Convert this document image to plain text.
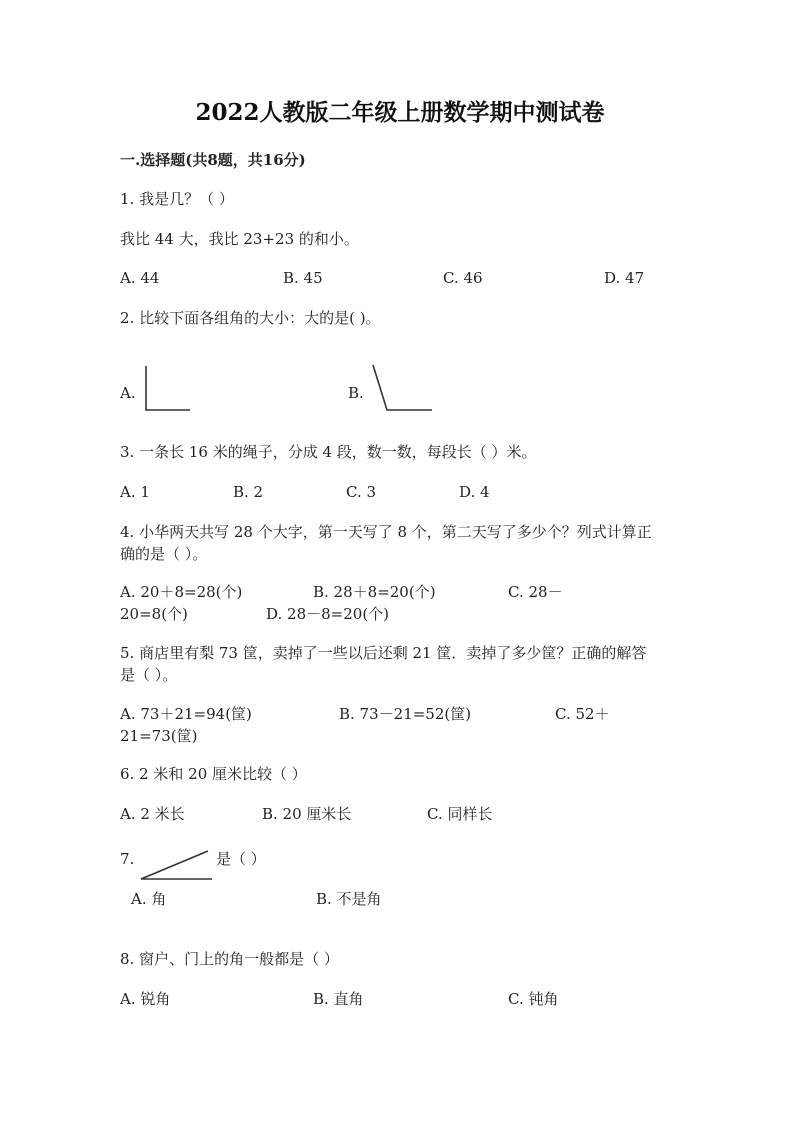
2022人教版二年级上册数学期中测试卷
一.选择题(共8题，共16分)
1. 我是几？（ ）
我比 44 大，我比 23+23 的和小。
A. 44	B. 45	C. 46	D. 47
2. 比较下面各组角的大小：大的是( )。
A.	B.
3. 一条长 16 米的绳子，分成 4 段，数一数，每段长（ ）米。
A. 1	B. 2	C. 3	D. 4
4. 小华两天共写 28 个大字，第一天写了 8 个，第二天写了多少个？列式计算正
确的是（ ）。
A. 20＋8=28(个)	B. 28＋8=20(个)	C. 28－
20=8(个)	D. 28－8=20(个)
5. 商店里有梨 73 筐，卖掉了一些以后还剩 21 筐．卖掉了多少筐？正确的解答
是（ ）。
A. 73＋21=94(筐)	B. 73－21=52(筐)	C. 52＋
21=73(筐)
6. 2 米和 20 厘米比较（ ）
A. 2 米长	B. 20 厘米长	C. 同样长
7.	是（ ）
A. 角	B. 不是角
8. 窗户、门上的角一般都是（ ）
A. 锐角	B. 直角	C. 钝角
